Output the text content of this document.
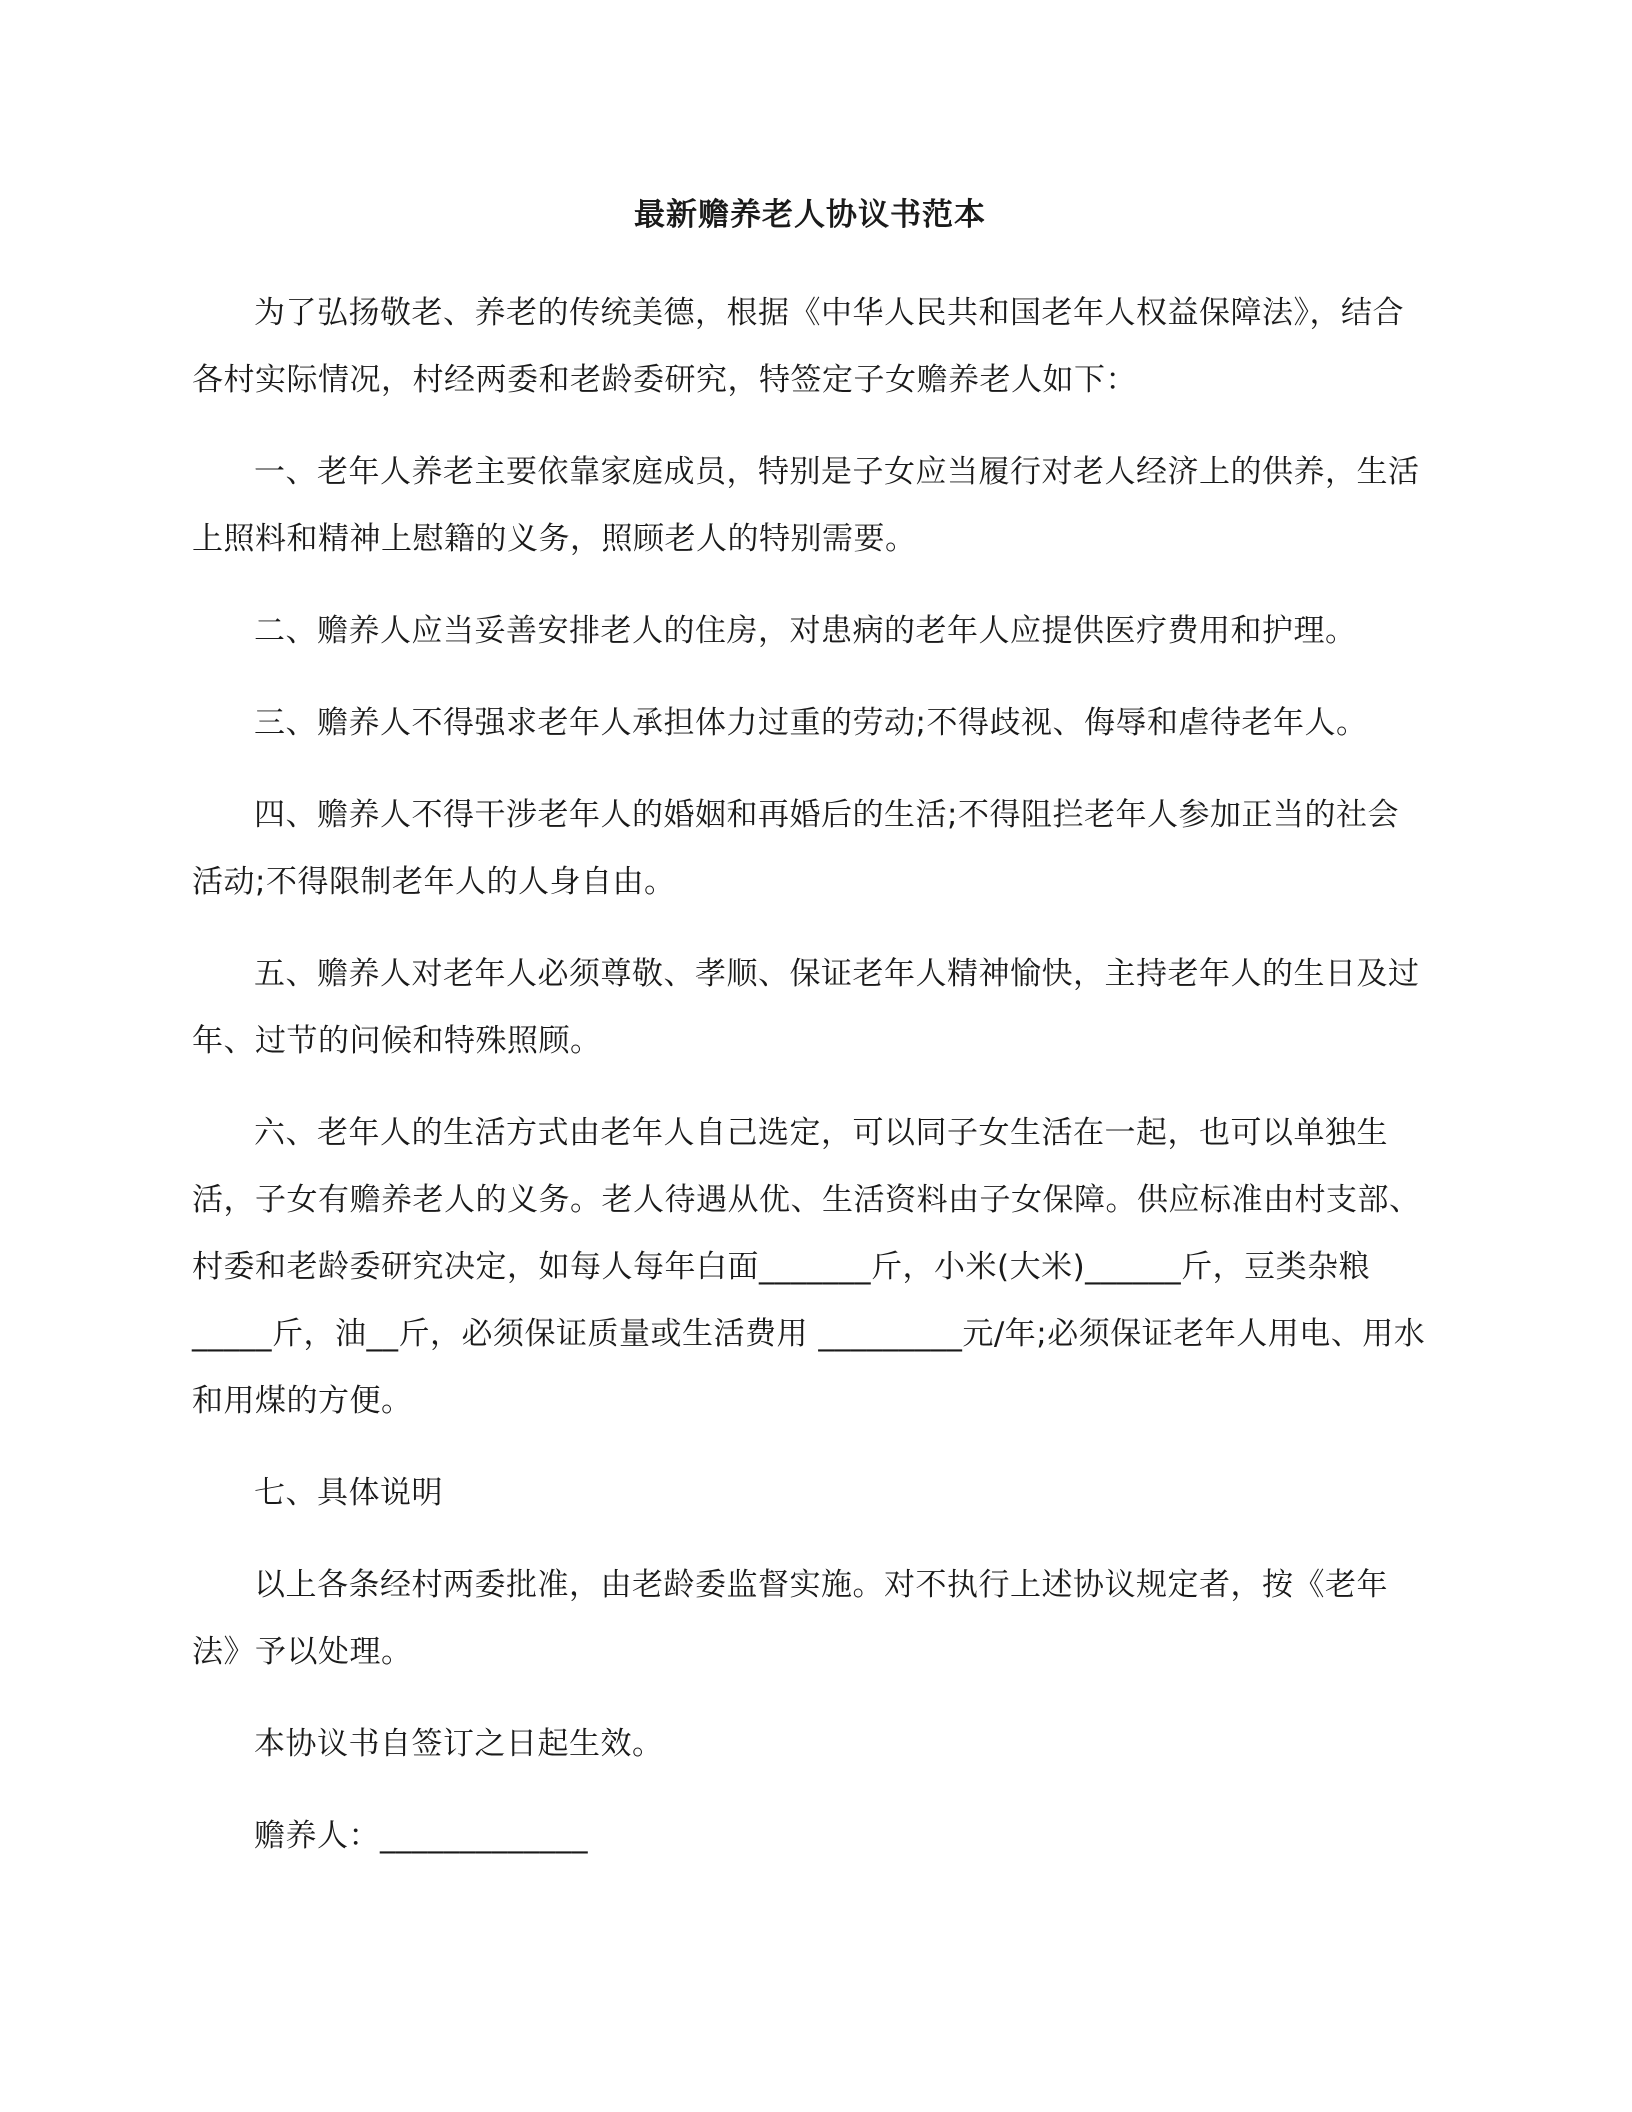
最新赡养老人协议书范本

为了弘扬敬老、养老的传统美德，根据《中华人民共和国老年人权益保障法》，结合各村实际情况，村经两委和老龄委研究，特签定子女赡养老人如下：

一、老年人养老主要依靠家庭成员，特别是子女应当履行对老人经济上的供养，生活上照料和精神上慰籍的义务，照顾老人的特别需要。

二、赡养人应当妥善安排老人的住房，对患病的老年人应提供医疗费用和护理。

三、赡养人不得强求老年人承担体力过重的劳动;不得歧视、侮辱和虐待老年人。

四、赡养人不得干涉老年人的婚姻和再婚后的生活;不得阻拦老年人参加正当的社会活动;不得限制老年人的人身自由。

五、赡养人对老年人必须尊敬、孝顺、保证老年人精神愉快，主持老年人的生日及过年、过节的问候和特殊照顾。

六、老年人的生活方式由老年人自己选定，可以同子女生活在一起，也可以单独生活，子女有赡养老人的义务。老人待遇从优、生活资料由子女保障。供应标准由村支部、村委和老龄委研究决定，如每人每年白面_______斤，小米(大米)______斤，豆类杂粮_____斤，油__斤，必须保证质量或生活费用 _________元/年;必须保证老年人用电、用水和用煤的方便。

七、具体说明

以上各条经村两委批准，由老龄委监督实施。对不执行上述协议规定者，按《老年法》予以处理。

本协议书自签订之日起生效。

赡养人：_____________
